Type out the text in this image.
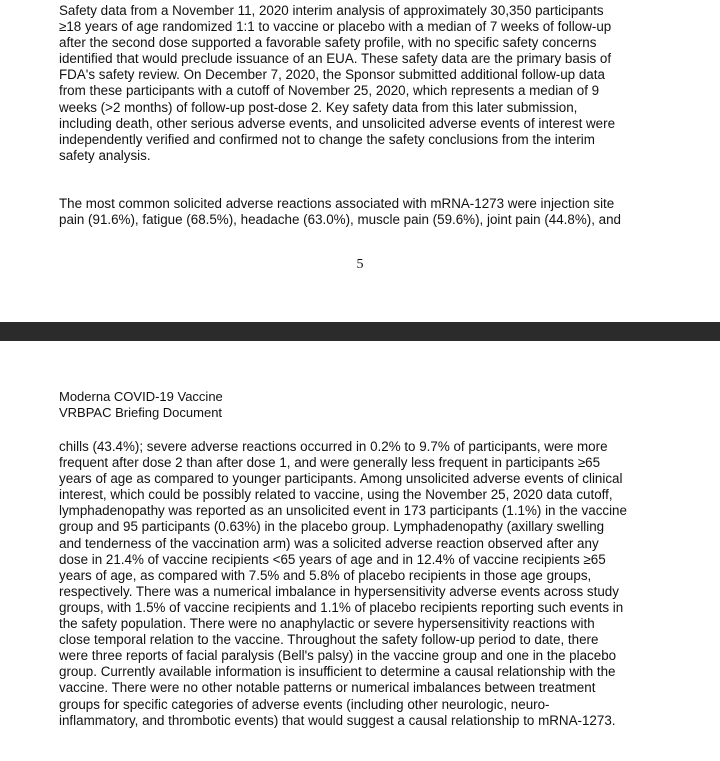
Safety data from a November 11, 2020 interim analysis of approximately 30,350 participants
≥18 years of age randomized 1:1 to vaccine or placebo with a median of 7 weeks of follow-up
after the second dose supported a favorable safety profile, with no specific safety concerns
identified that would preclude issuance of an EUA. These safety data are the primary basis of
FDA's safety review. On December 7, 2020, the Sponsor submitted additional follow-up data
from these participants with a cutoff of November 25, 2020, which represents a median of 9
weeks (>2 months) of follow-up post-dose 2. Key safety data from this later submission,
including death, other serious adverse events, and unsolicited adverse events of interest were
independently verified and confirmed not to change the safety conclusions from the interim
safety analysis.

The most common solicited adverse reactions associated with mRNA-1273 were injection site
pain (91.6%), fatigue (68.5%), headache (63.0%), muscle pain (59.6%), joint pain (44.8%), and

5
Moderna COVID-19 Vaccine
VRBPAC Briefing Document

chills (43.4%); severe adverse reactions occurred in 0.2% to 9.7% of participants, were more
frequent after dose 2 than after dose 1, and were generally less frequent in participants ≥65
years of age as compared to younger participants. Among unsolicited adverse events of clinical
interest, which could be possibly related to vaccine, using the November 25, 2020 data cutoff,
lymphadenopathy was reported as an unsolicited event in 173 participants (1.1%) in the vaccine
group and 95 participants (0.63%) in the placebo group. Lymphadenopathy (axillary swelling
and tenderness of the vaccination arm) was a solicited adverse reaction observed after any
dose in 21.4% of vaccine recipients <65 years of age and in 12.4% of vaccine recipients ≥65
years of age, as compared with 7.5% and 5.8% of placebo recipients in those age groups,
respectively. There was a numerical imbalance in hypersensitivity adverse events across study
groups, with 1.5% of vaccine recipients and 1.1% of placebo recipients reporting such events in
the safety population. There were no anaphylactic or severe hypersensitivity reactions with
close temporal relation to the vaccine. Throughout the safety follow-up period to date, there
were three reports of facial paralysis (Bell's palsy) in the vaccine group and one in the placebo
group. Currently available information is insufficient to determine a causal relationship with the
vaccine. There were no other notable patterns or numerical imbalances between treatment
groups for specific categories of adverse events (including other neurologic, neuro-
inflammatory, and thrombotic events) that would suggest a causal relationship to mRNA-1273.
